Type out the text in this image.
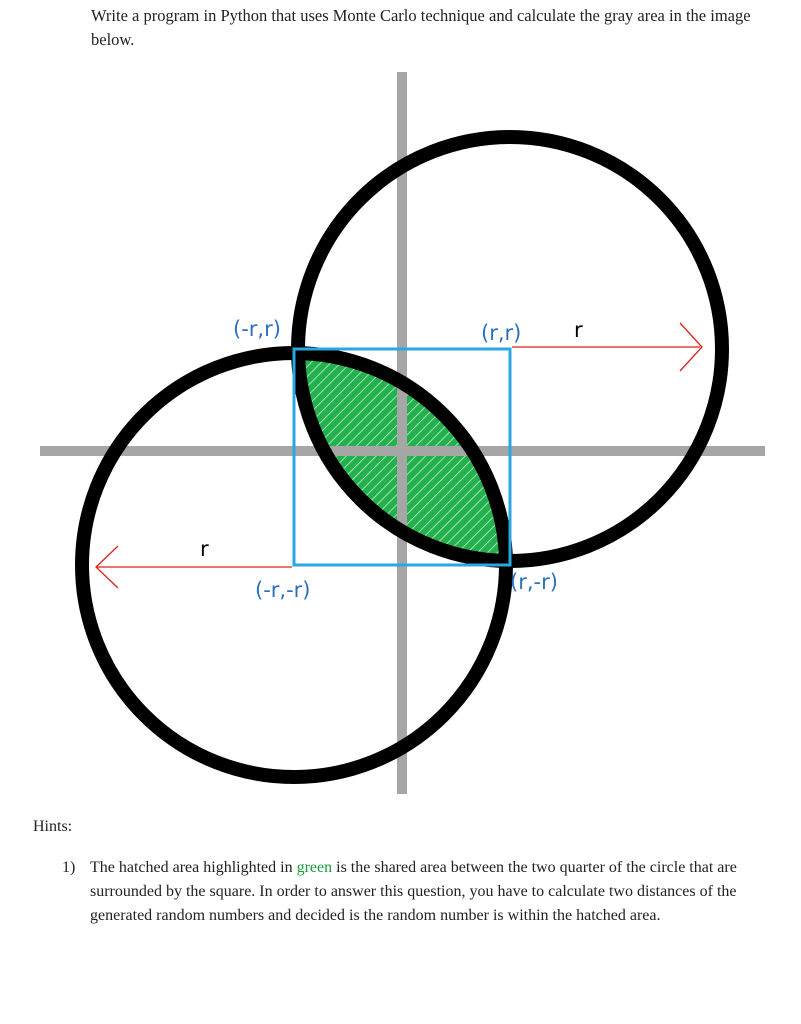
Write a program in Python that uses Monte Carlo technique and calculate the gray area in the image below.
(-r,r)	(r,r)
(-r,-r)	(r,-r)
r
r
Hints:
1) The hatched area highlighted in green is the shared area between the two quarter of the circle that are surrounded by the square. In order to answer this question, you have to calculate two distances of the generated random numbers and decided is the random number is within the hatched area.
